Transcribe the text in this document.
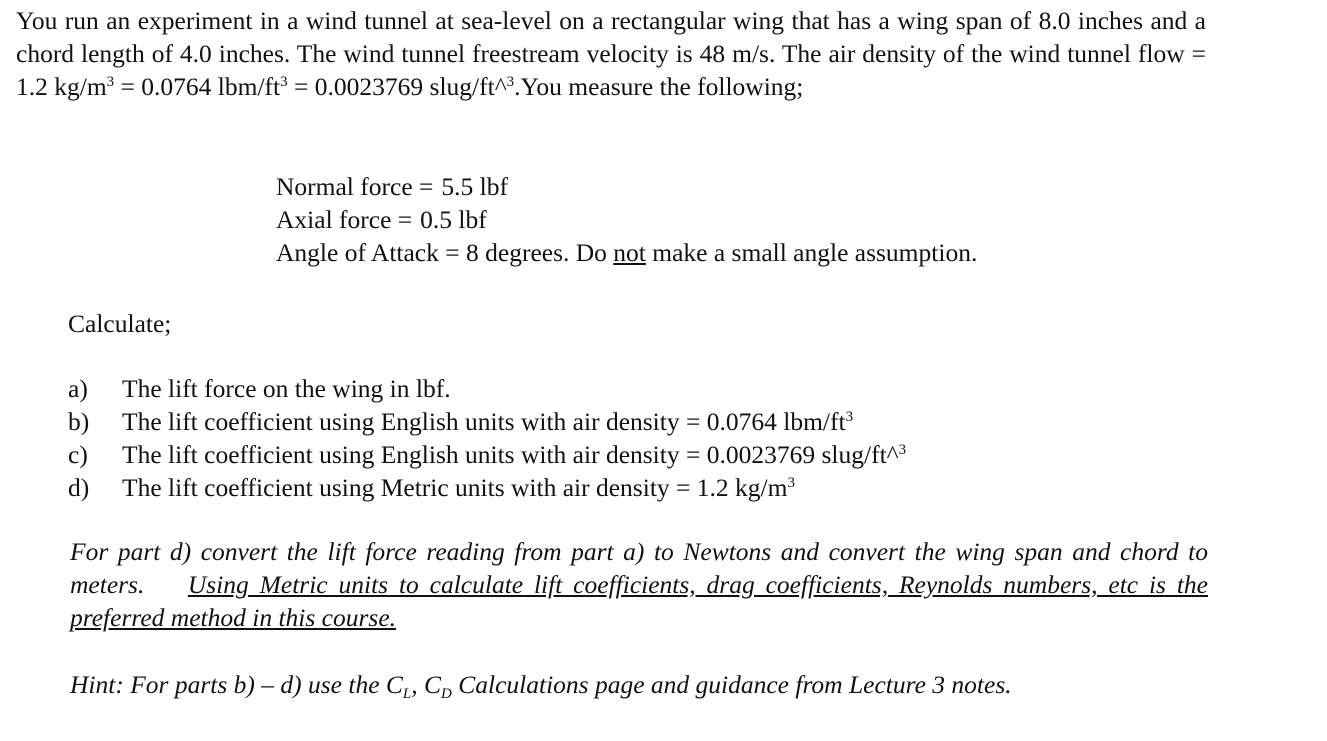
You run an experiment in a wind tunnel at sea-level on a rectangular wing that has a wing span of 8.0 inches and a chord length of 4.0 inches. The wind tunnel freestream velocity is 48 m/s. The air density of the wind tunnel flow = 1.2 $kg/m^3 = 0.0764$ lbm/$ft^3 = 0.0023769$ slug/ft^$^3$.You measure the following;

Normal force = 5.5 lbf
Axial force = 0.5 lbf
Angle of Attack = 8 degrees. Do not make a small angle assumption.
Calculate;
a) The lift force on the wing in lbf.
b) The lift coefficient using English units with air density = 0.0764 lbm/$ft^3$
c) The lift coefficient using English units with air density = 0.0023769 slug/ft^$^3$
d) The lift coefficient using Metric units with air density = 1.2 $kg/m^3$

For part d) convert the lift force reading from part a) to Newtons and convert the wing span and chord to meters.    Using Metric units to calculate lift coefficients, drag coefficients, Reynolds numbers, etc is the preferred method in this course.

Hint: For parts b) – d) use the $C_L$, $C_D$ Calculations page and guidance from Lecture 3 notes.
